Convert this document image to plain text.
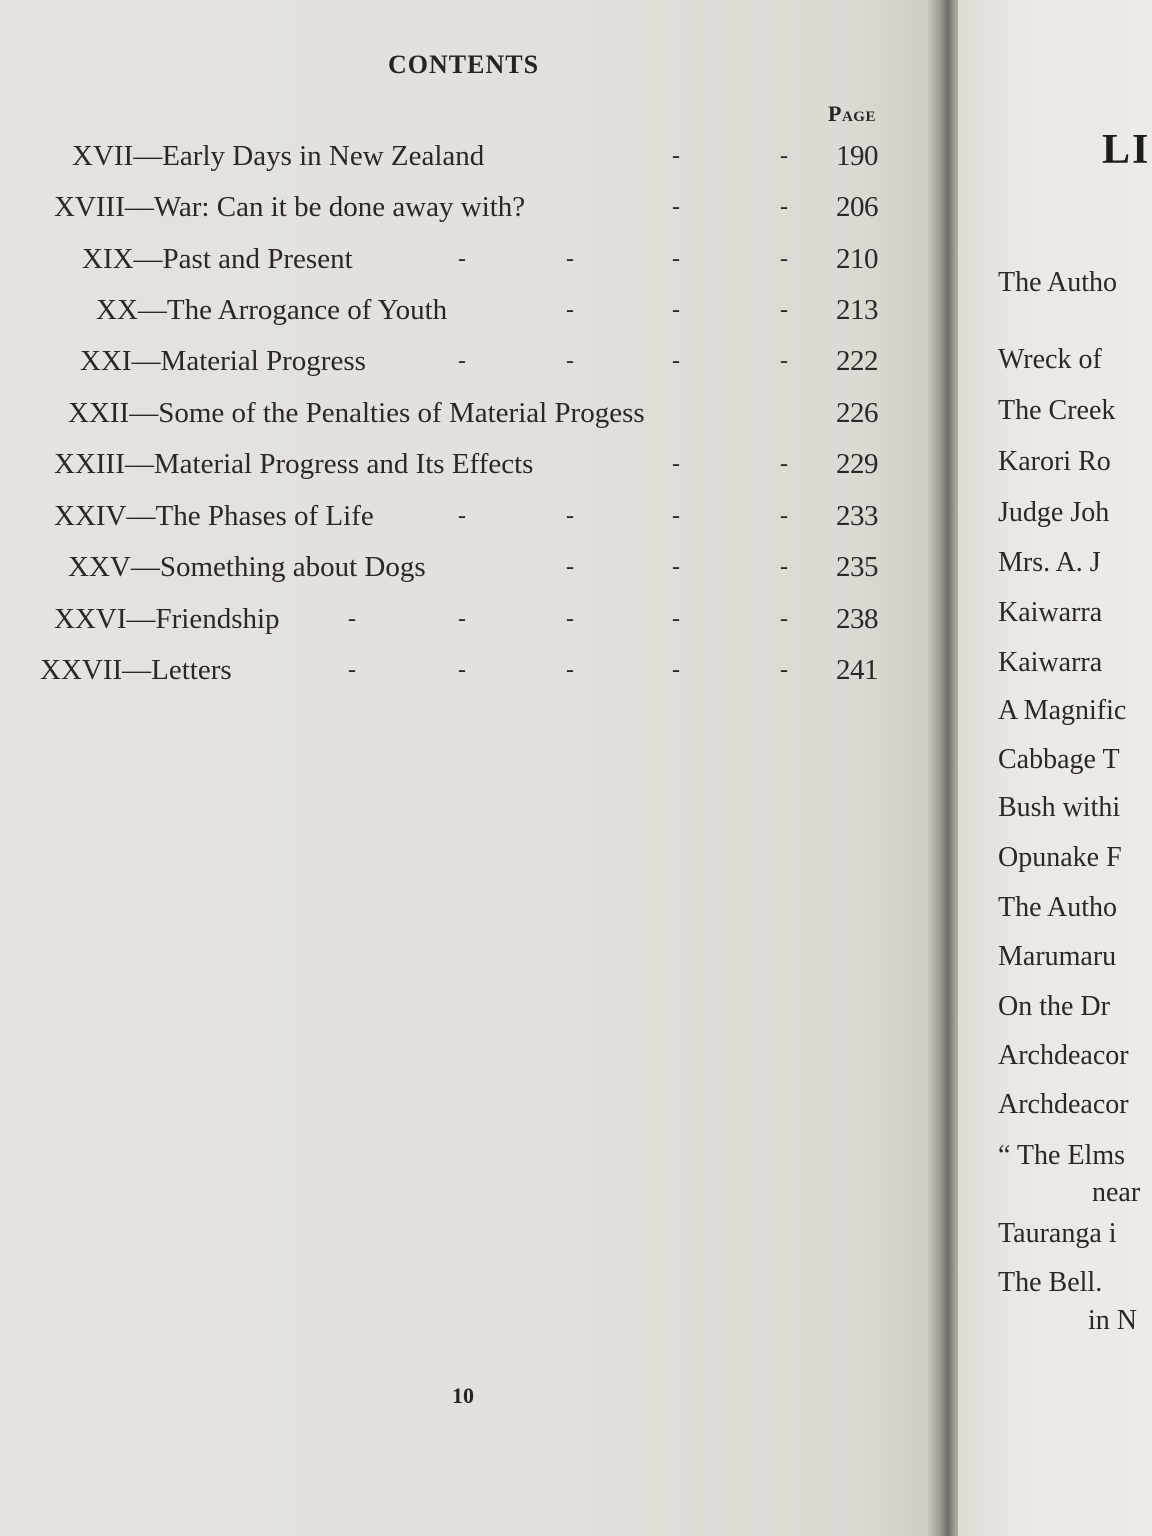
CONTENTS
Page
XVII—Early Days in New Zealand	-	- 190
XVIII—War: Can it be done away with?	-	- 206
XIX—Past and Present	-	-	-	- 210
XX—The Arrogance of Youth	-	-	- 213
XXI—Material Progress	-	-	-	- 222
XXII—Some of the Penalties of Material Progess	226
XXIII—Material Progress and Its Effects	-	- 229
XXIV—The Phases of Life	-	-	-	- 233
XXV—Something about Dogs	-	-	- 235
XXVI—Friendship	-	-	-	-	- 238
XXVII—Letters	-	-	-	-	- 241
10
LI
The Autho
Wreck of
The Creek
Karori Ro
Judge Joh
Mrs. A. J
Kaiwarra
Kaiwarra
A Magnific
Cabbage T
Bush withi
Opunake F
The Autho
Marumaru
On the Dr
Archdeacor
Archdeacor
“ The Elms
near
Tauranga i
The Bell.
in N
